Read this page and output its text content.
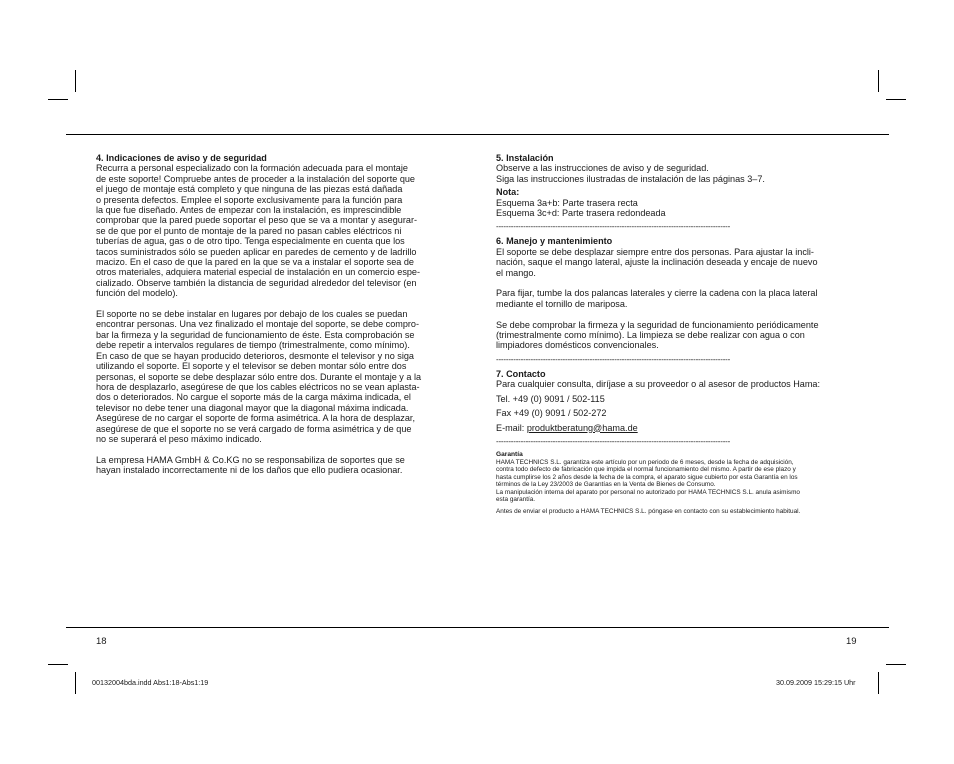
4. Indicaciones de aviso y de seguridad
Recurra a personal especializado con la formación adecuada para el montaje
de este soporte! Compruebe antes de proceder a la instalación del soporte que
el juego de montaje está completo y que ninguna de las piezas está dañada
o presenta defectos. Emplee el soporte exclusivamente para la función para
la que fue diseñado. Antes de empezar con la instalación, es imprescindible
comprobar que la pared puede soportar el peso que se va a montar y asegurar-
se de que por el punto de montaje de la pared no pasan cables eléctricos ni
tuberías de agua, gas o de otro tipo. Tenga especialmente en cuenta que los
tacos suministrados sólo se pueden aplicar en paredes de cemento y de ladrillo
macizo. En el caso de que la pared en la que se va a instalar el soporte sea de
otros materiales, adquiera material especial de instalación en un comercio espe-
cializado. Observe también la distancia de seguridad alrededor del televisor (en
función del modelo).
El soporte no se debe instalar en lugares por debajo de los cuales se puedan
encontrar personas. Una vez finalizado el montaje del soporte, se debe compro-
bar la firmeza y la seguridad de funcionamiento de éste. Esta comprobación se
debe repetir a intervalos regulares de tiempo (trimestralmente, como mínimo).
En caso de que se hayan producido deterioros, desmonte el televisor y no siga
utilizando el soporte. El soporte y el televisor se deben montar sólo entre dos
personas, el soporte se debe desplazar sólo entre dos. Durante el montaje y a la
hora de desplazarlo, asegúrese de que los cables eléctricos no se vean aplasta-
dos o deteriorados. No cargue el soporte más de la carga máxima indicada, el
televisor no debe tener una diagonal mayor que la diagonal máxima indicada.
Asegúrese de no cargar el soporte de forma asimétrica. A la hora de desplazar,
asegúrese de que el soporte no se verá cargado de forma asimétrica y de que
no se superará el peso máximo indicado.
La empresa HAMA GmbH & Co.KG no se responsabiliza de soportes que se
hayan instalado incorrectamente ni de los daños que ello pudiera ocasionar.
5. Instalación
Observe a las instrucciones de aviso y de seguridad.
Siga las instrucciones ilustradas de instalación de las páginas 3–7.
Nota:
Esquema 3a+b: Parte trasera recta
Esquema 3c+d: Parte trasera redondeada
-----------------------------------------------------------------------------------------------
6. Manejo y mantenimiento
El soporte se debe desplazar siempre entre dos personas. Para ajustar la incli-
nación, saque el mango lateral, ajuste la inclinación deseada y encaje de nuevo
el mango.
Para fijar, tumbe la dos palancas laterales y cierre la cadena con la placa lateral
mediante el tornillo de mariposa.
Se debe comprobar la firmeza y la seguridad de funcionamiento periódicamente
(trimestralmente como mínimo). La limpieza se debe realizar con agua o con
limpiadores domésticos convencionales.
-----------------------------------------------------------------------------------------------
7. Contacto
Para cualquier consulta, diríjase a su proveedor o al asesor de productos Hama:
Tel. +49 (0) 9091 / 502-115
Fax +49 (0) 9091 / 502-272
E-mail: produktberatung@hama.de
-----------------------------------------------------------------------------------------------
Garantía
HAMA TECHNICS S.L. garantiza este artículo por un periodo de 6 meses, desde la fecha de adquisición,
contra todo defecto de fabricación que impida el normal funcionamiento del mismo. A partir de ese plazo y
hasta cumplirse los 2 años desde la fecha de la compra, el aparato sigue cubierto por esta Garantía en los
términos de la Ley 23/2003 de Garantías en la Venta de Bienes de Consumo.
La manipulación interna del aparato por personal no autorizado por HAMA TECHNICS S.L. anula asimismo
esta garantía.
Antes de enviar el producto a HAMA TECHNICS S.L. póngase en contacto con su establecimiento habitual.
18	19
00132004bda.indd Abs1:18-Abs1:19	30.09.2009 15:29:15 Uhr
